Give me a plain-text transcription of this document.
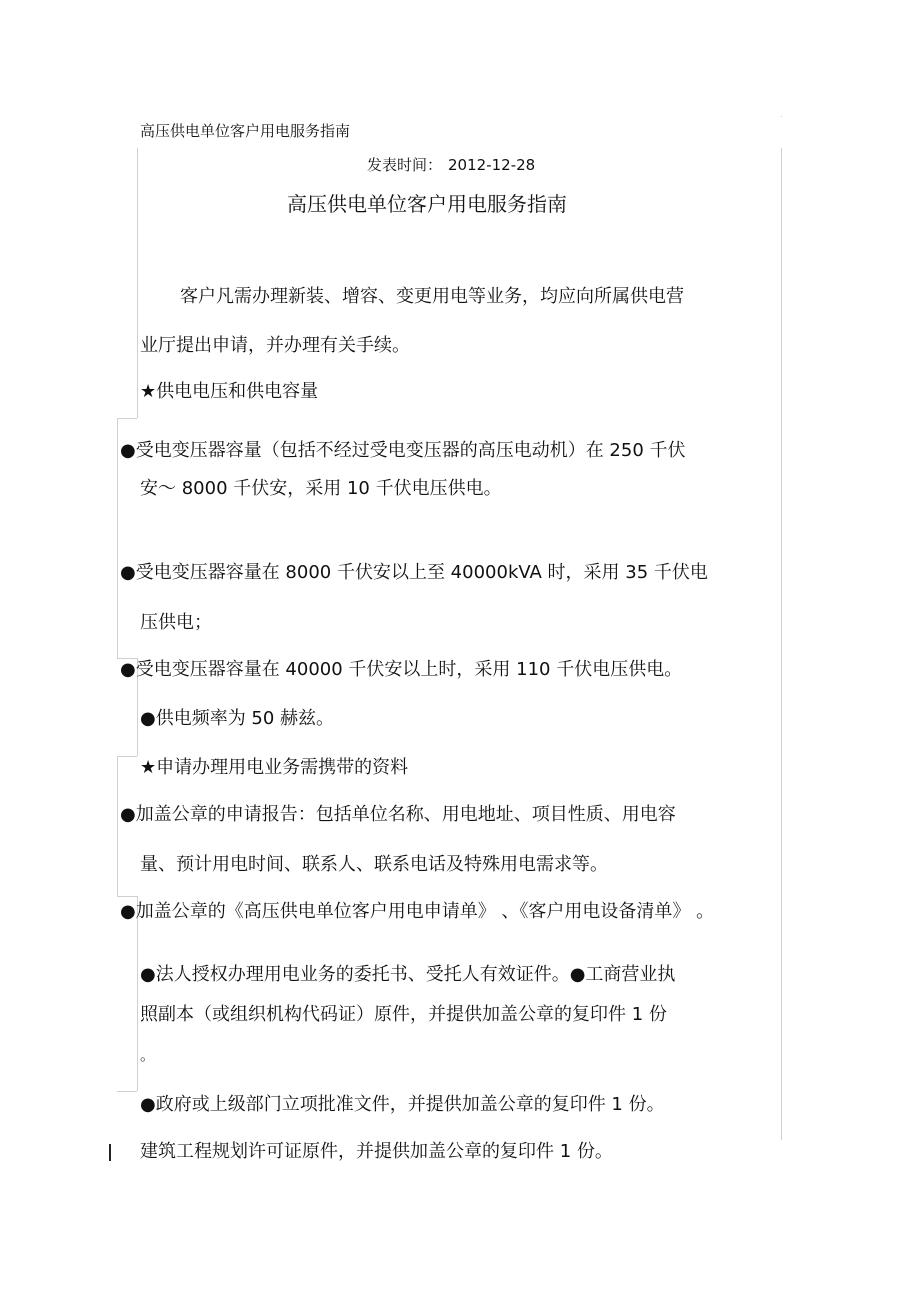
高压供电单位客户用电服务指南
发表时间： 2012-12-28
高压供电单位客户用电服务指南
客户凡需办理新装、增容、变更用电等业务，均应向所属供电营
业厅提出申请，并办理有关手续。
★供电电压和供电容量
●受电变压器容量（包括不经过受电变压器的高压电动机）在 250 千伏
安～ 8000 千伏安，采用 10 千伏电压供电。
●受电变压器容量在 8000 千伏安以上至 40000kVA 时，采用 35 千伏电
压供电；
●受电变压器容量在 40000 千伏安以上时，采用 110 千伏电压供电。
●供电频率为 50 赫兹。
★申请办理用电业务需携带的资料
●加盖公章的申请报告：包括单位名称、用电地址、项目性质、用电容
量、预计用电时间、联系人、联系电话及特殊用电需求等。
●加盖公章的《高压供电单位客户用电申请单》 、《客户用电设备清单》 。
●法人授权办理用电业务的委托书、受托人有效证件。●工商营业执
照副本（或组织机构代码证）原件，并提供加盖公章的复印件 1 份
。
●政府或上级部门立项批准文件，并提供加盖公章的复印件 1 份。
建筑工程规划许可证原件，并提供加盖公章的复印件 1 份。
